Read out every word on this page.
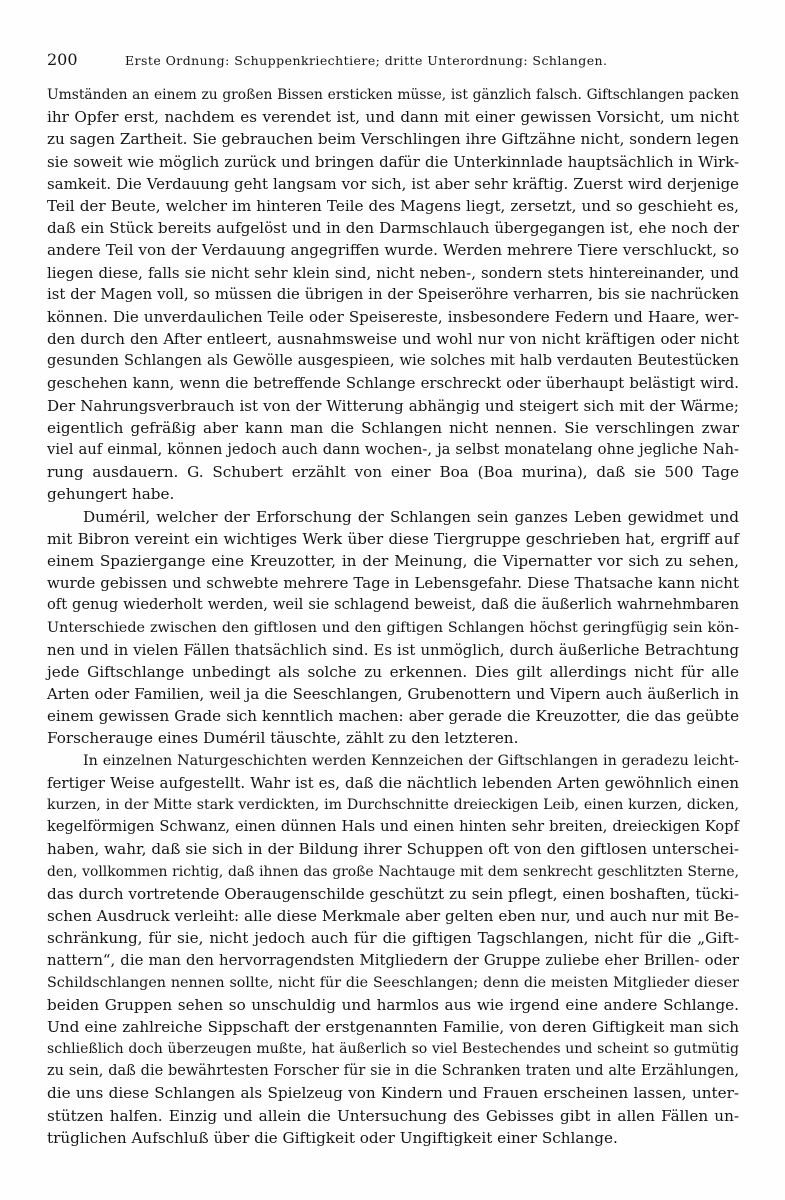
200	Erste Ordnung: Schuppenkriechtiere; dritte Unterordnung: Schlangen.
Umständen an einem zu großen Bissen ersticken müsse, ist gänzlich falsch. Giftschlangen packen
ihr Opfer erst, nachdem es verendet ist, und dann mit einer gewissen Vorsicht, um nicht
zu sagen Zartheit. Sie gebrauchen beim Verschlingen ihre Giftzähne nicht, sondern legen
sie soweit wie möglich zurück und bringen dafür die Unterkinnlade hauptsächlich in Wirk-
samkeit. Die Verdauung geht langsam vor sich, ist aber sehr kräftig. Zuerst wird derjenige
Teil der Beute, welcher im hinteren Teile des Magens liegt, zersetzt, und so geschieht es,
daß ein Stück bereits aufgelöst und in den Darmschlauch übergegangen ist, ehe noch der
andere Teil von der Verdauung angegriffen wurde. Werden mehrere Tiere verschluckt, so
liegen diese, falls sie nicht sehr klein sind, nicht neben-, sondern stets hintereinander, und
ist der Magen voll, so müssen die übrigen in der Speiseröhre verharren, bis sie nachrücken
können. Die unverdaulichen Teile oder Speisereste, insbesondere Federn und Haare, wer-
den durch den After entleert, ausnahmsweise und wohl nur von nicht kräftigen oder nicht
gesunden Schlangen als Gewölle ausgespieen, wie solches mit halb verdauten Beutestücken
geschehen kann, wenn die betreffende Schlange erschreckt oder überhaupt belästigt wird.
Der Nahrungsverbrauch ist von der Witterung abhängig und steigert sich mit der Wärme;
eigentlich gefräßig aber kann man die Schlangen nicht nennen. Sie verschlingen zwar
viel auf einmal, können jedoch auch dann wochen-, ja selbst monatelang ohne jegliche Nah-
rung ausdauern. G. Schubert erzählt von einer Boa (Boa murina), daß sie 500 Tage
gehungert habe.
Duméril, welcher der Erforschung der Schlangen sein ganzes Leben gewidmet und
mit Bibron vereint ein wichtiges Werk über diese Tiergruppe geschrieben hat, ergriff auf
einem Spaziergange eine Kreuzotter, in der Meinung, die Vipernatter vor sich zu sehen,
wurde gebissen und schwebte mehrere Tage in Lebensgefahr. Diese Thatsache kann nicht
oft genug wiederholt werden, weil sie schlagend beweist, daß die äußerlich wahrnehmbaren
Unterschiede zwischen den giftlosen und den giftigen Schlangen höchst geringfügig sein kön-
nen und in vielen Fällen thatsächlich sind. Es ist unmöglich, durch äußerliche Betrachtung
jede Giftschlange unbedingt als solche zu erkennen. Dies gilt allerdings nicht für alle
Arten oder Familien, weil ja die Seeschlangen, Grubenottern und Vipern auch äußerlich in
einem gewissen Grade sich kenntlich machen: aber gerade die Kreuzotter, die das geübte
Forscherauge eines Duméril täuschte, zählt zu den letzteren.
In einzelnen Naturgeschichten werden Kennzeichen der Giftschlangen in geradezu leicht-
fertiger Weise aufgestellt. Wahr ist es, daß die nächtlich lebenden Arten gewöhnlich einen
kurzen, in der Mitte stark verdickten, im Durchschnitte dreieckigen Leib, einen kurzen, dicken,
kegelförmigen Schwanz, einen dünnen Hals und einen hinten sehr breiten, dreieckigen Kopf
haben, wahr, daß sie sich in der Bildung ihrer Schuppen oft von den giftlosen unterschei-
den, vollkommen richtig, daß ihnen das große Nachtauge mit dem senkrecht geschlitzten Sterne,
das durch vortretende Oberaugenschilde geschützt zu sein pflegt, einen boshaften, tücki-
schen Ausdruck verleiht: alle diese Merkmale aber gelten eben nur, und auch nur mit Be-
schränkung, für sie, nicht jedoch auch für die giftigen Tagschlangen, nicht für die „Gift-
nattern“, die man den hervorragendsten Mitgliedern der Gruppe zuliebe eher Brillen- oder
Schildschlangen nennen sollte, nicht für die Seeschlangen; denn die meisten Mitglieder dieser
beiden Gruppen sehen so unschuldig und harmlos aus wie irgend eine andere Schlange.
Und eine zahlreiche Sippschaft der erstgenannten Familie, von deren Giftigkeit man sich
schließlich doch überzeugen mußte, hat äußerlich so viel Bestechendes und scheint so gutmütig
zu sein, daß die bewährtesten Forscher für sie in die Schranken traten und alte Erzählungen,
die uns diese Schlangen als Spielzeug von Kindern und Frauen erscheinen lassen, unter-
stützen halfen. Einzig und allein die Untersuchung des Gebisses gibt in allen Fällen un-
trüglichen Aufschluß über die Giftigkeit oder Ungiftigkeit einer Schlange.
